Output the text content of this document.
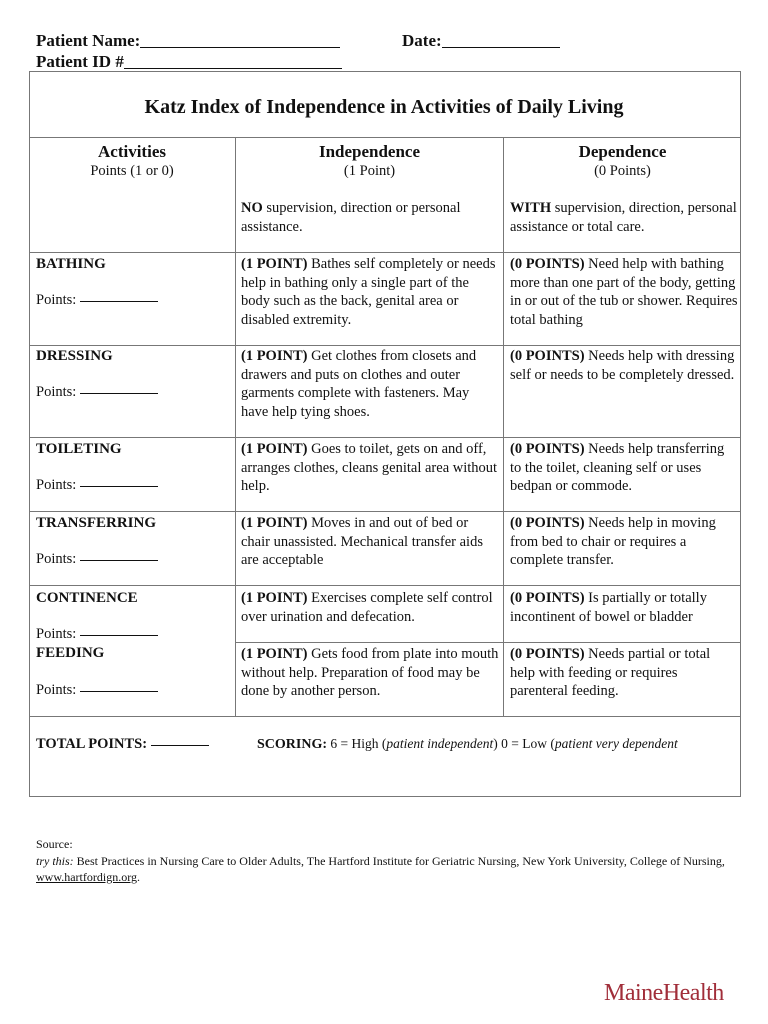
Patient Name:	Date:
Patient ID #
Katz Index of Independence in Activities of Daily Living
Activities
Points (1 or 0)
Independence
(1 Point)
Dependence
(0 Points)
NO supervision, direction or personal assistance.
WITH supervision, direction, personal assistance or total care.
BATHING
Points:
(1 POINT) Bathes self completely or needs help in bathing only a single part of the body such as the back, genital area or disabled extremity.
(0 POINTS) Need help with bathing more than one part of the body, getting in or out of the tub or shower. Requires total bathing
DRESSING
Points:
(1 POINT) Get clothes from closets and drawers and puts on clothes and outer garments complete with fasteners. May have help tying shoes.
(0 POINTS) Needs help with dressing self or needs to be completely dressed.
TOILETING
Points:
(1 POINT) Goes to toilet, gets on and off, arranges clothes, cleans genital area without help.
(0 POINTS) Needs help transferring to the toilet, cleaning self or uses bedpan or commode.
TRANSFERRING
Points:
(1 POINT) Moves in and out of bed or chair unassisted. Mechanical transfer aids are acceptable
(0 POINTS) Needs help in moving from bed to chair or requires a complete transfer.
CONTINENCE
Points:
(1 POINT) Exercises complete self control over urination and defecation.
(0 POINTS) Is partially or totally incontinent of bowel or bladder
FEEDING
Points:
(1 POINT) Gets food from plate into mouth without help. Preparation of food may be done by another person.
(0 POINTS) Needs partial or total help with feeding or requires parenteral feeding.
TOTAL POINTS:	SCORING: 6 = High (patient independent) 0 = Low (patient very dependent
Source:
try this: Best Practices in Nursing Care to Older Adults, The Hartford Institute for Geriatric Nursing, New York University, College of Nursing, www.hartfordign.org.
MaineHealth
